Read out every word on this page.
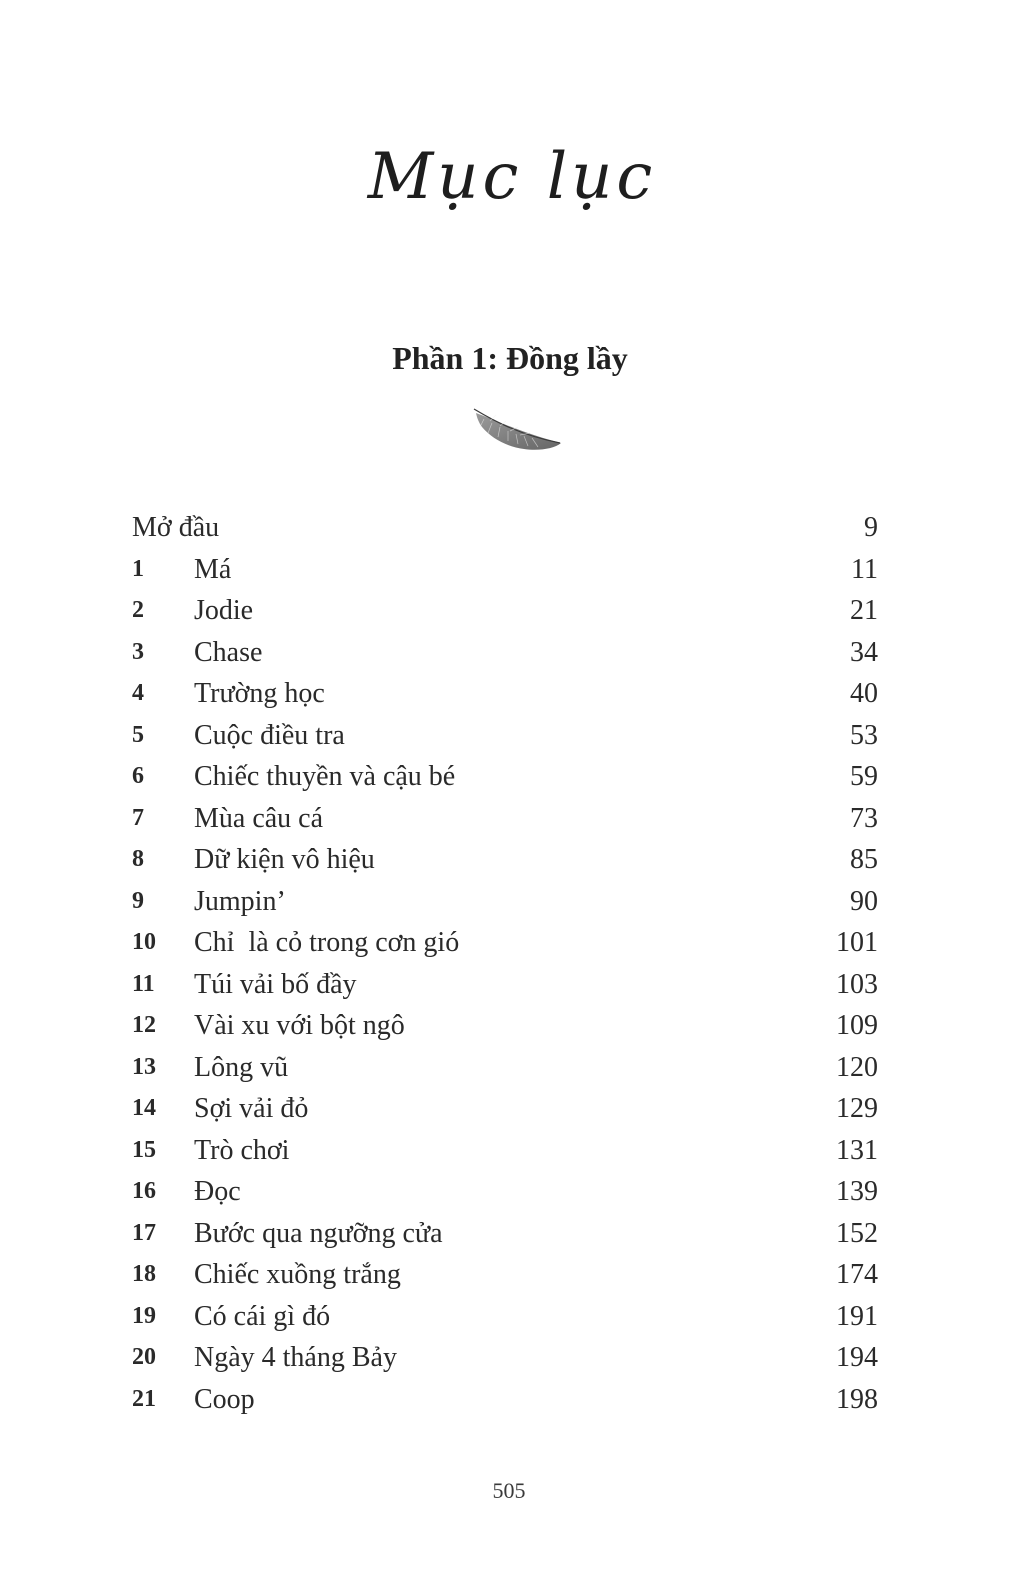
Mục lục
Phần 1: Đồng lầy
Mở đầu	9
1 Má	11
2 Jodie	21
3 Chase	34
4 Trường học	40
5 Cuộc điều tra	53
6 Chiếc thuyền và cậu bé	59
7 Mùa câu cá	73
8 Dữ kiện vô hiệu	85
9 Jumpin’	90
10 Chỉ  là cỏ trong cơn gió	101
11 Túi vải bố đầy	103
12 Vài xu với bột ngô	109
13 Lông vũ	120
14 Sợi vải đỏ	129
15 Trò chơi	131
16 Đọc	139
17 Bước qua ngưỡng cửa	152
18 Chiếc xuồng trắng	174
19 Có cái gì đó	191
20 Ngày 4 tháng Bảy	194
21 Coop	198
505
